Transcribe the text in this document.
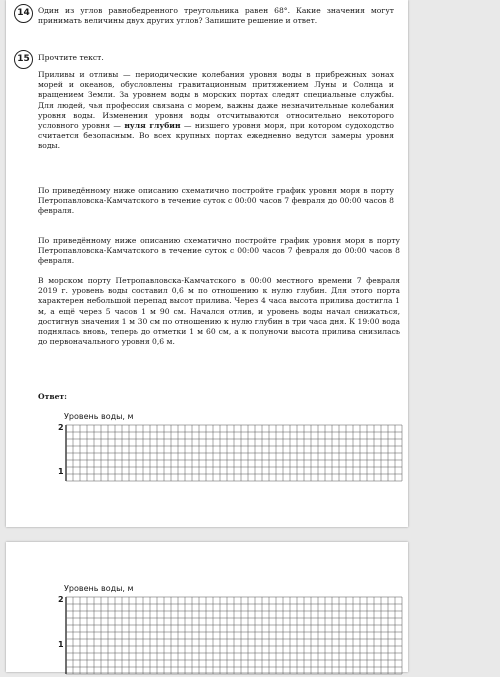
14	Один из углов равнобедренного треугольника равен 68°. Какие значения могут принимать величины двух других углов? Запишите решение и ответ.
15	Прочтите текст.
Приливы и отливы — периодические колебания уровня воды в прибрежных зонах морей и океанов, обусловлены гравитационным притяжением Луны и Солнца и вращением Земли. За уровнем воды в морских портах следят специальные службы. Для людей, чья профессия связана с морем, важны даже незначительные колебания уровня воды. Изменения уровня воды отсчитываются относительно некоторого условного уровня — нуля глубин — низшего уровня моря, при котором судоходство считается безопасным. Во всех крупных портах ежедневно ведутся замеры уровня воды.
По приведённому ниже описанию схематично постройте график уровня моря в порту Петропавловска-Камчатского в течение суток с 00:00 часов 7 февраля до 00:00 часов 8 февраля.
По приведённому ниже описанию схематично постройте график уровня моря в порту Петропавловска-Камчатского в течение суток с 00:00 часов 7 февраля до 00:00 часов 8 февраля.
В морском порту Петропавловска-Камчатского в 00:00 местного времени 7 февраля 2019 г. уровень воды составил 0,6 м по отношению к нулю глубин. Для этого порта характерен небольшой перепад высот прилива. Через 4 часа высота прилива достигла 1 м, а ещё через 5 часов 1 м 90 см. Начался отлив, и уровень воды начал снижаться, достигнув значения 1 м 30 см по отношению к нулю глубин в три часа дня. К 19:00 вода поднялась вновь, теперь до отметки 1 м 60 см, а к полуночи высота прилива снизилась до первоначального уровня 0,6 м.
Ответ:
Уровень воды, м
2
1
Уровень воды, м
2
1
